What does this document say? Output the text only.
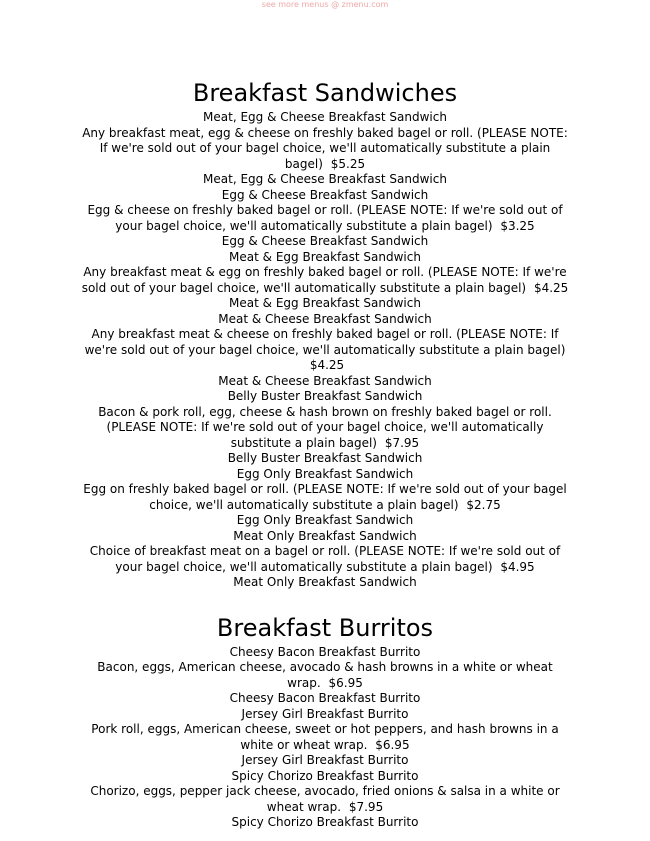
see more menus @ zmenu.com
Breakfast Sandwiches
Meat, Egg & Cheese Breakfast Sandwich
Any breakfast meat, egg & cheese on freshly baked bagel or roll. (PLEASE NOTE: If we're sold out of your bagel choice, we'll automatically substitute a plain bagel) $5.25
Meat, Egg & Cheese Breakfast Sandwich
Egg & Cheese Breakfast Sandwich
Egg & cheese on freshly baked bagel or roll. (PLEASE NOTE: If we're sold out of your bagel choice, we'll automatically substitute a plain bagel) $3.25
Egg & Cheese Breakfast Sandwich
Meat & Egg Breakfast Sandwich
Any breakfast meat & egg on freshly baked bagel or roll. (PLEASE NOTE: If we're sold out of your bagel choice, we'll automatically substitute a plain bagel) $4.25
Meat & Egg Breakfast Sandwich
Meat & Cheese Breakfast Sandwich
Any breakfast meat & cheese on freshly baked bagel or roll. (PLEASE NOTE: If we're sold out of your bagel choice, we'll automatically substitute a plain bagel) $4.25
Meat & Cheese Breakfast Sandwich
Belly Buster Breakfast Sandwich
Bacon & pork roll, egg, cheese & hash brown on freshly baked bagel or roll. (PLEASE NOTE: If we're sold out of your bagel choice, we'll automatically substitute a plain bagel) $7.95
Belly Buster Breakfast Sandwich
Egg Only Breakfast Sandwich
Egg on freshly baked bagel or roll. (PLEASE NOTE: If we're sold out of your bagel choice, we'll automatically substitute a plain bagel) $2.75
Egg Only Breakfast Sandwich
Meat Only Breakfast Sandwich
Choice of breakfast meat on a bagel or roll. (PLEASE NOTE: If we're sold out of your bagel choice, we'll automatically substitute a plain bagel) $4.95
Meat Only Breakfast Sandwich
Breakfast Burritos
Cheesy Bacon Breakfast Burrito
Bacon, eggs, American cheese, avocado & hash browns in a white or wheat wrap. $6.95
Cheesy Bacon Breakfast Burrito
Jersey Girl Breakfast Burrito
Pork roll, eggs, American cheese, sweet or hot peppers, and hash browns in a white or wheat wrap. $6.95
Jersey Girl Breakfast Burrito
Spicy Chorizo Breakfast Burrito
Chorizo, eggs, pepper jack cheese, avocado, fried onions & salsa in a white or wheat wrap. $7.95
Spicy Chorizo Breakfast Burrito
